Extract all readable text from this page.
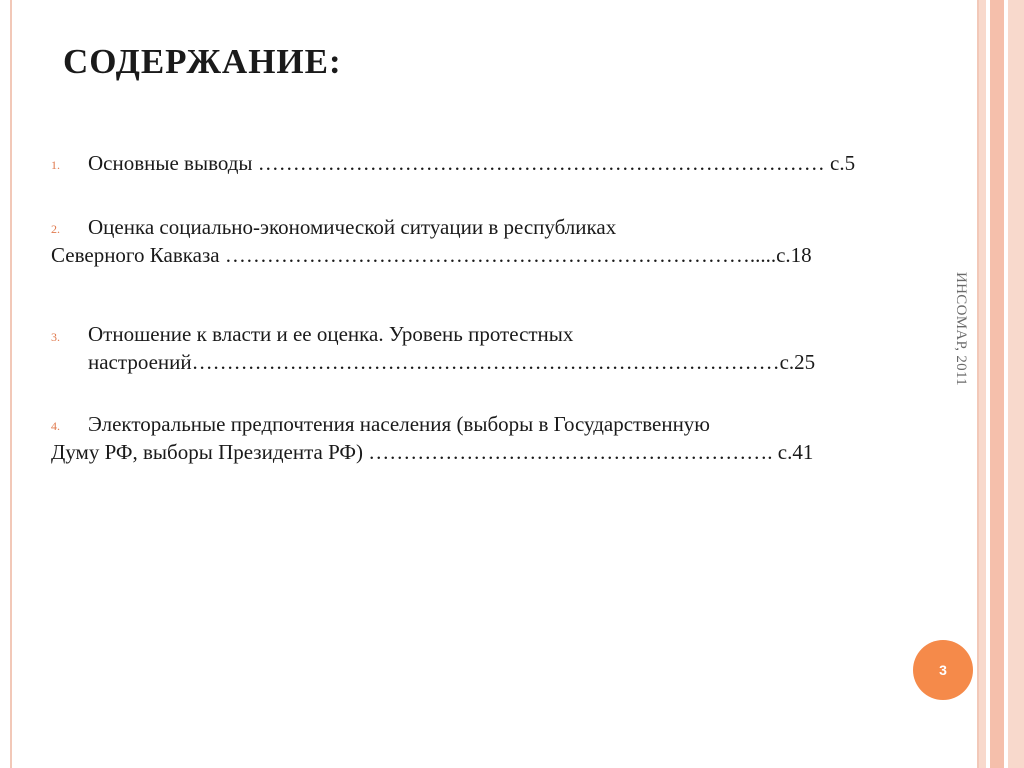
СОДЕРЖАНИЕ:
1. Основные выводы ……………………………………………………………………… с.5
2. Оценка социально-экономической ситуации в республиках
Северного Кавказа ………………………………………………………………….....с.18
3. Отношение к власти и ее оценка. Уровень протестных
настроений…………………………………………………………………………с.25
4. Электоральные предпочтения населения (выборы в Государственную
Думу РФ, выборы Президента РФ) …………………………………………………. с.41
ИНСОМАР, 2011
3
